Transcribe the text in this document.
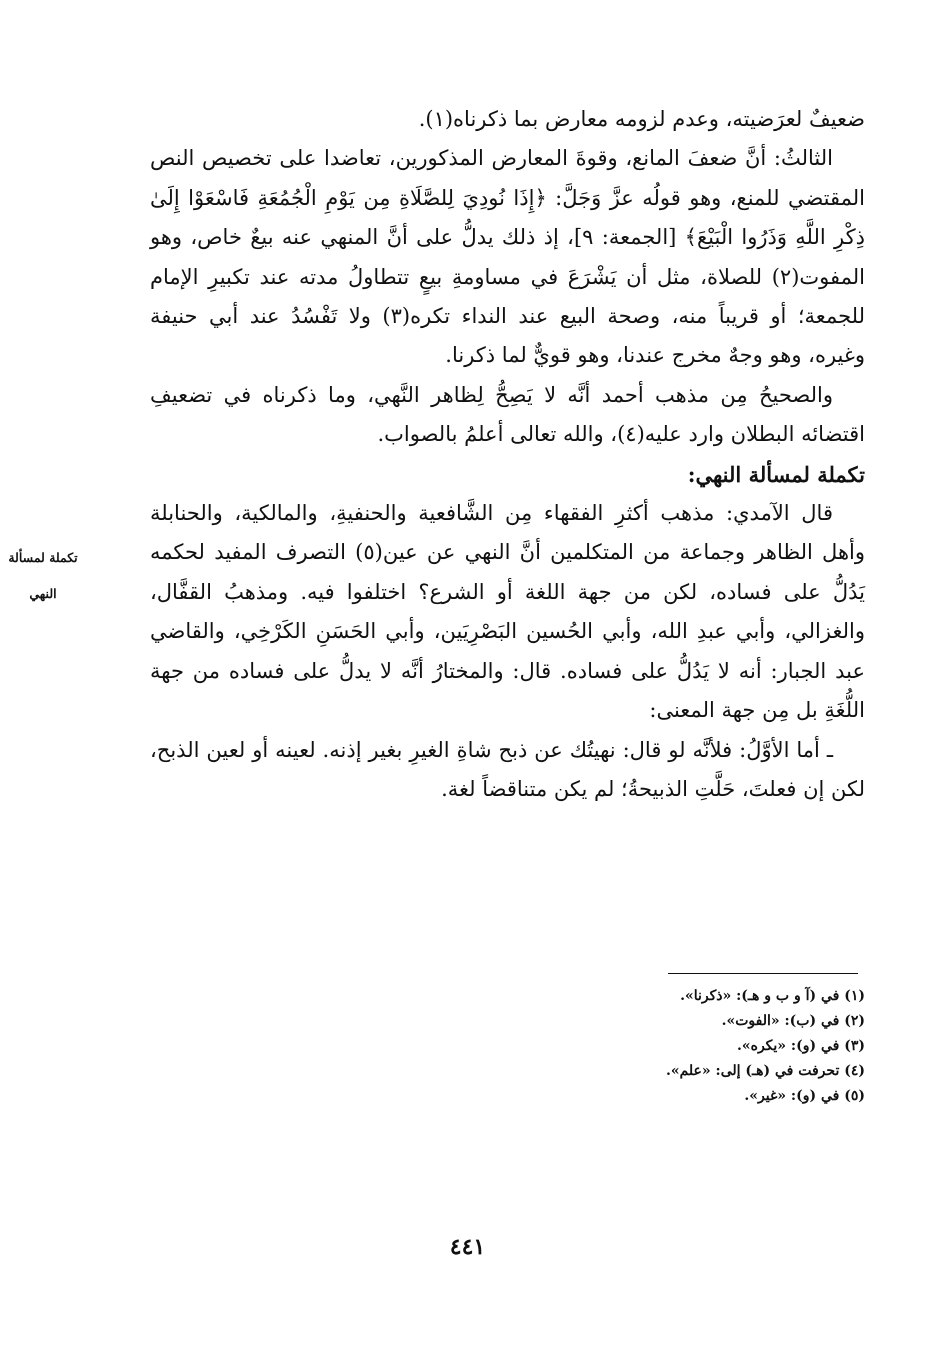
تكملة لمسألة
النهي

ضعيفٌ لعرَضيته، وعدم لزومه معارض بما ذكرناه(١).

الثالثُ: أنَّ ضعفَ المانع، وقوةَ المعارض المذكورين، تعاضدا على تخصيص النص المقتضي للمنع، وهو قولُه عزَّ وَجَلَّ: ﴿إِذَا نُودِيَ لِلصَّلَاةِ مِن يَوْمِ الْجُمُعَةِ فَاسْعَوْا إِلَىٰ ذِكْرِ اللَّهِ وَذَرُوا الْبَيْعَ﴾ [الجمعة: ٩]، إذ ذلك يدلُّ على أنَّ المنهي عنه بيعٌ خاص، وهو المفوت(٢) للصلاة، مثل أن يَشْرَعَ في مساومةِ بيعٍ تتطاولُ مدته عند تكبيرِ الإمام للجمعة؛ أو قريباً منه، وصحة البيع عند النداء تكره(٣) ولا تَفْسُدُ عند أبي حنيفة وغيره، وهو وجهٌ مخرج عندنا، وهو قويٌّ لما ذكرنا.

والصحيحُ مِن مذهب أحمد أنَّه لا يَصِحُّ لِظاهر النَّهي، وما ذكرناه في تضعيفِ اقتضائه البطلان وارد عليه(٤)، والله تعالى أعلمُ بالصواب.

تكملة لمسألة النهي:

قال الآمدي: مذهب أكثرِ الفقهاء مِن الشَّافعية والحنفيةِ، والمالكية، والحنابلة وأهل الظاهر وجماعة من المتكلمين أنَّ النهي عن عين(٥) التصرف المفيد لحكمه يَدُلُّ على فساده، لكن من جهة اللغة أو الشرع؟ اختلفوا فيه. ومذهبُ القفَّال، والغزالي، وأبي عبدِ الله، وأبي الحُسين البَصْرِيَين، وأبي الحَسَنِ الكَرْخِي، والقاضي عبد الجبار: أنه لا يَدُلُّ على فساده. قال: والمختارُ أنَّه لا يدلُّ على فساده من جهة اللُّغَةِ بل مِن جهة المعنى:

ـ أما الأوَّلُ: فلأنَّه لو قال: نهيتُك عن ذبح شاةِ الغيرِ بغير إذنه. لعينه أو لعين الذبح، لكن إن فعلتَ، حَلَّتِ الذبيحةُ؛ لم يكن متناقضاً لغة.

(١) في (آ و ب و هـ): «ذكرنا».
(٢) في (ب): «الفوت».
(٣) في (و): «يكره».
(٤) تحرفت في (هـ) إلى: «علم».
(٥) في (و): «غير».
٤٤١
